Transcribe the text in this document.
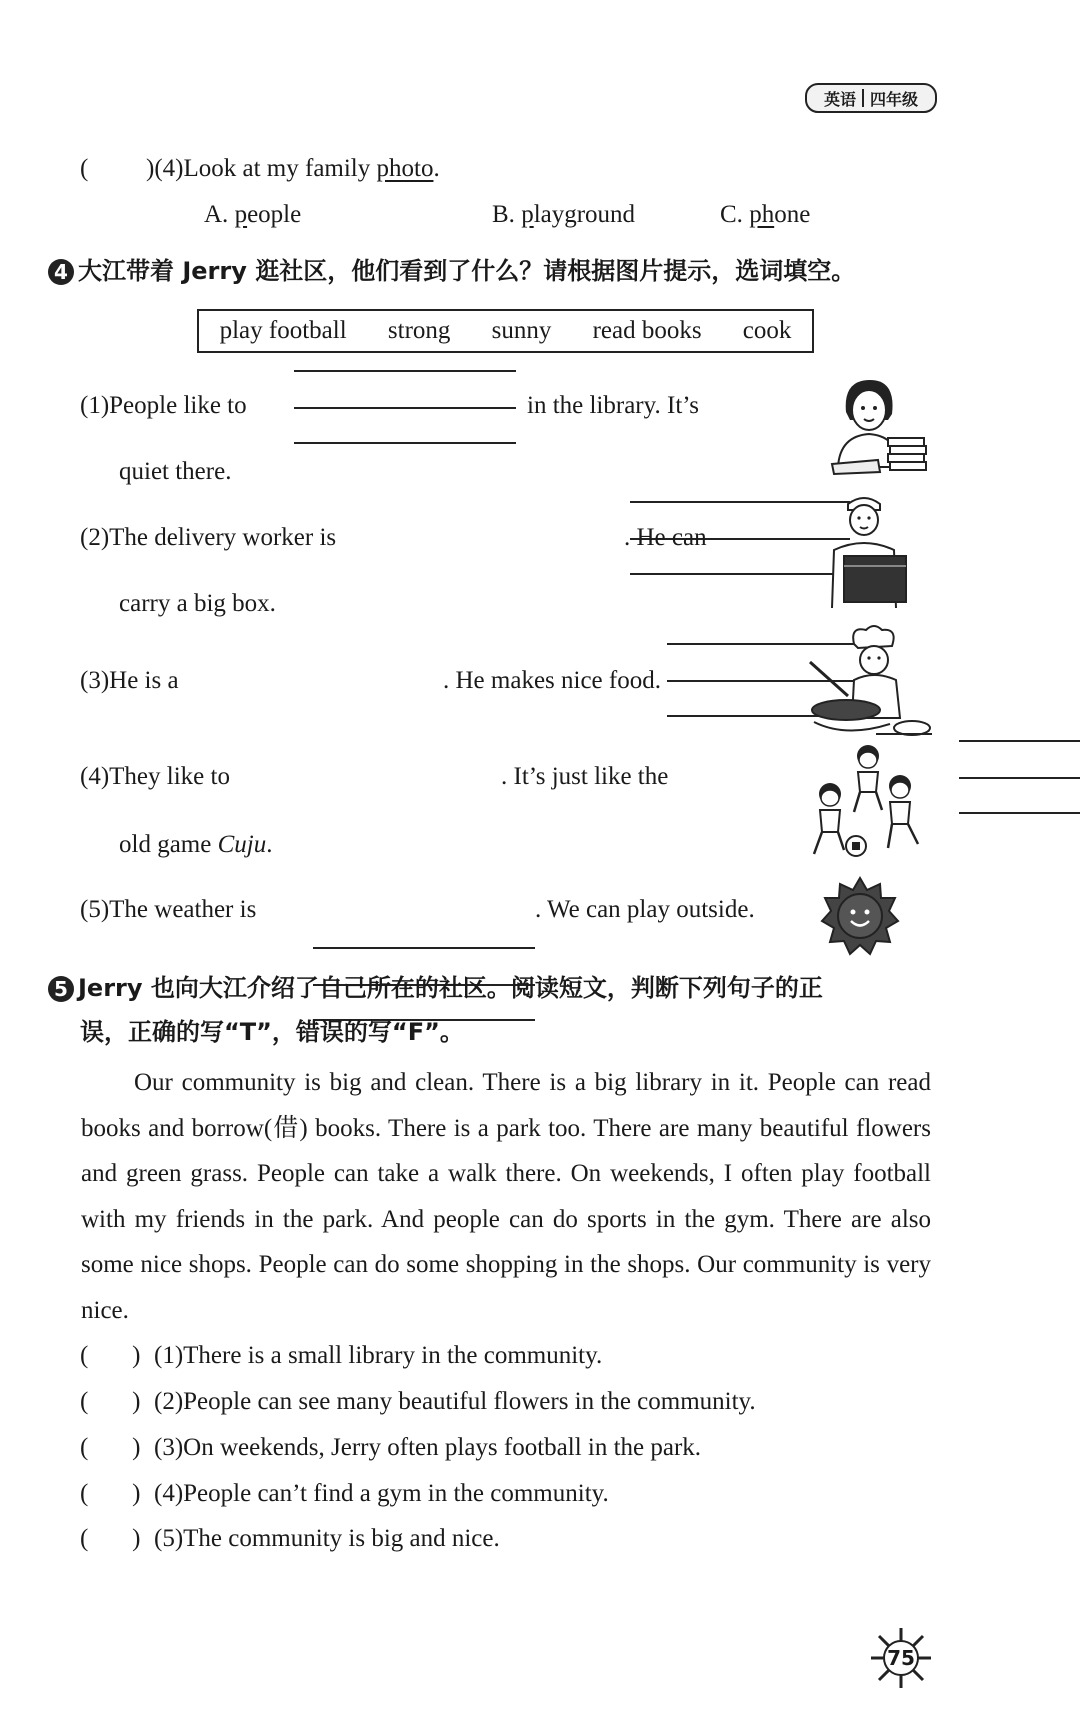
英语 四年级
( )(4)Look at my family photo.
A. people	B. playground	C. phone
4 大江带着 Jerry 逛社区，他们看到了什么？请根据图片提示，选词填空。
play football strong sunny read books cook
(1)People like to
	in the library. It’s
quiet there.
(2)The delivery worker is
	. He can
carry a big box.
(3)He is a
	. He makes nice food.
(4)They like to
	. It’s just like the
old game Cuju.
(5)The weather is	. We can play outside.
5 Jerry 也向大江介绍了自己所在的社区。阅读短文，判断下列句子的正
误，正确的写“T”，错误的写“F”。

Our community is big and clean. There is a big library in it. People can read books and borrow(借) books. There is a park too. There are many beautiful flowers and green grass. People can take a walk there. On weekends, I often play football with my friends in the park. And people can do sports in the gym. There are also some nice shops. People can do some shopping in the shops. Our community is very nice.

(       ) (1)There is a small library in the community.
(       ) (2)People can see many beautiful flowers in the community.
(       ) (3)On weekends, Jerry often plays football in the park.
(       ) (4)People can’t find a gym in the community.
(       ) (5)The community is big and nice.
75
